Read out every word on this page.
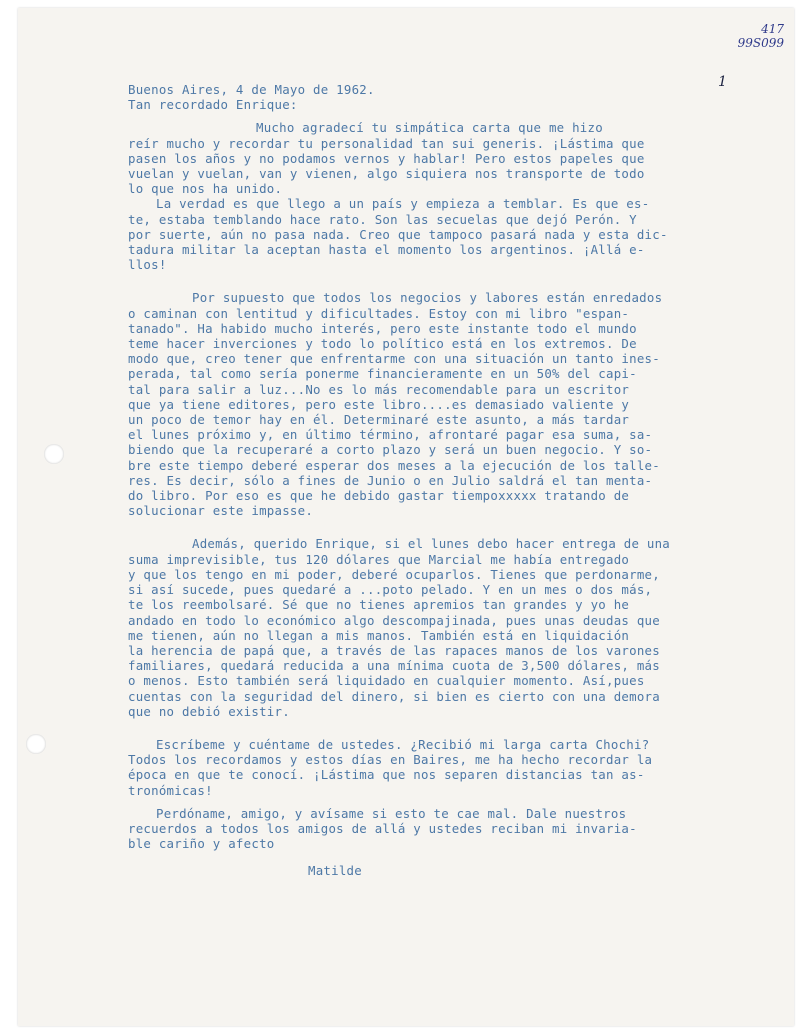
417
99S099
1
Buenos Aires, 4 de Mayo de 1962.
Tan recordado Enrique:
Mucho agradecí tu simpática carta que me hizo
reír mucho y recordar tu personalidad tan sui generis. ¡Lástima que
pasen los años y no podamos vernos y hablar! Pero estos papeles que
vuelan y vuelan, van y vienen, algo siquiera nos transporte de todo
lo que nos ha unido.
La verdad es que llego a un país y empieza a temblar. Es que es-
te, estaba temblando hace rato. Son las secuelas que dejó Perón. Y
por suerte, aún no pasa nada. Creo que tampoco pasará nada y esta dic-
tadura militar la aceptan hasta el momento los argentinos. ¡Allá e-
llos!
Por supuesto que todos los negocios y labores están enredados
o caminan con lentitud y dificultades. Estoy con mi libro "espan-
tanado". Ha habido mucho interés, pero este instante todo el mundo
teme hacer inverciones y todo lo político está en los extremos. De
modo que, creo tener que enfrentarme con una situación un tanto ines-
perada, tal como sería ponerme financieramente en un 50% del capi-
tal para salir a luz...No es lo más recomendable para un escritor
que ya tiene editores, pero este libro....es demasiado valiente y
un poco de temor hay en él. Determinaré este asunto, a más tardar
el lunes próximo y, en último término, afrontaré pagar esa suma, sa-
biendo que la recuperaré a corto plazo y será un buen negocio. Y so-
bre este tiempo deberé esperar dos meses a la ejecución de los talle-
res. Es decir, sólo a fines de Junio o en Julio saldrá el tan menta-
do libro. Por eso es que he debido gastar tiempoxxxxx tratando de
solucionar este impasse.
Además, querido Enrique, si el lunes debo hacer entrega de una
suma imprevisible, tus 120 dólares que Marcial me había entregado
y que los tengo en mi poder, deberé ocuparlos. Tienes que perdonarme,
si así sucede, pues quedaré a ...poto pelado. Y en un mes o dos más,
te los reembolsaré. Sé que no tienes apremios tan grandes y yo he
andado en todo lo económico algo descompajinada, pues unas deudas que
me tienen, aún no llegan a mis manos. También está en liquidación
la herencia de papá que, a través de las rapaces manos de los varones
familiares, quedará reducida a una mínima cuota de 3,500 dólares, más
o menos. Esto también será liquidado en cualquier momento. Así,pues
cuentas con la seguridad del dinero, si bien es cierto con una demora
que no debió existir.
Escríbeme y cuéntame de ustedes. ¿Recibió mi larga carta Chochi?
Todos los recordamos y estos días en Baires, me ha hecho recordar la
época en que te conocí. ¡Lástima que nos separen distancias tan as-
tronómicas!
Perdóname, amigo, y avísame si esto te cae mal. Dale nuestros
recuerdos a todos los amigos de allá y ustedes reciban mi invaria-
ble cariño y afecto
Matilde
